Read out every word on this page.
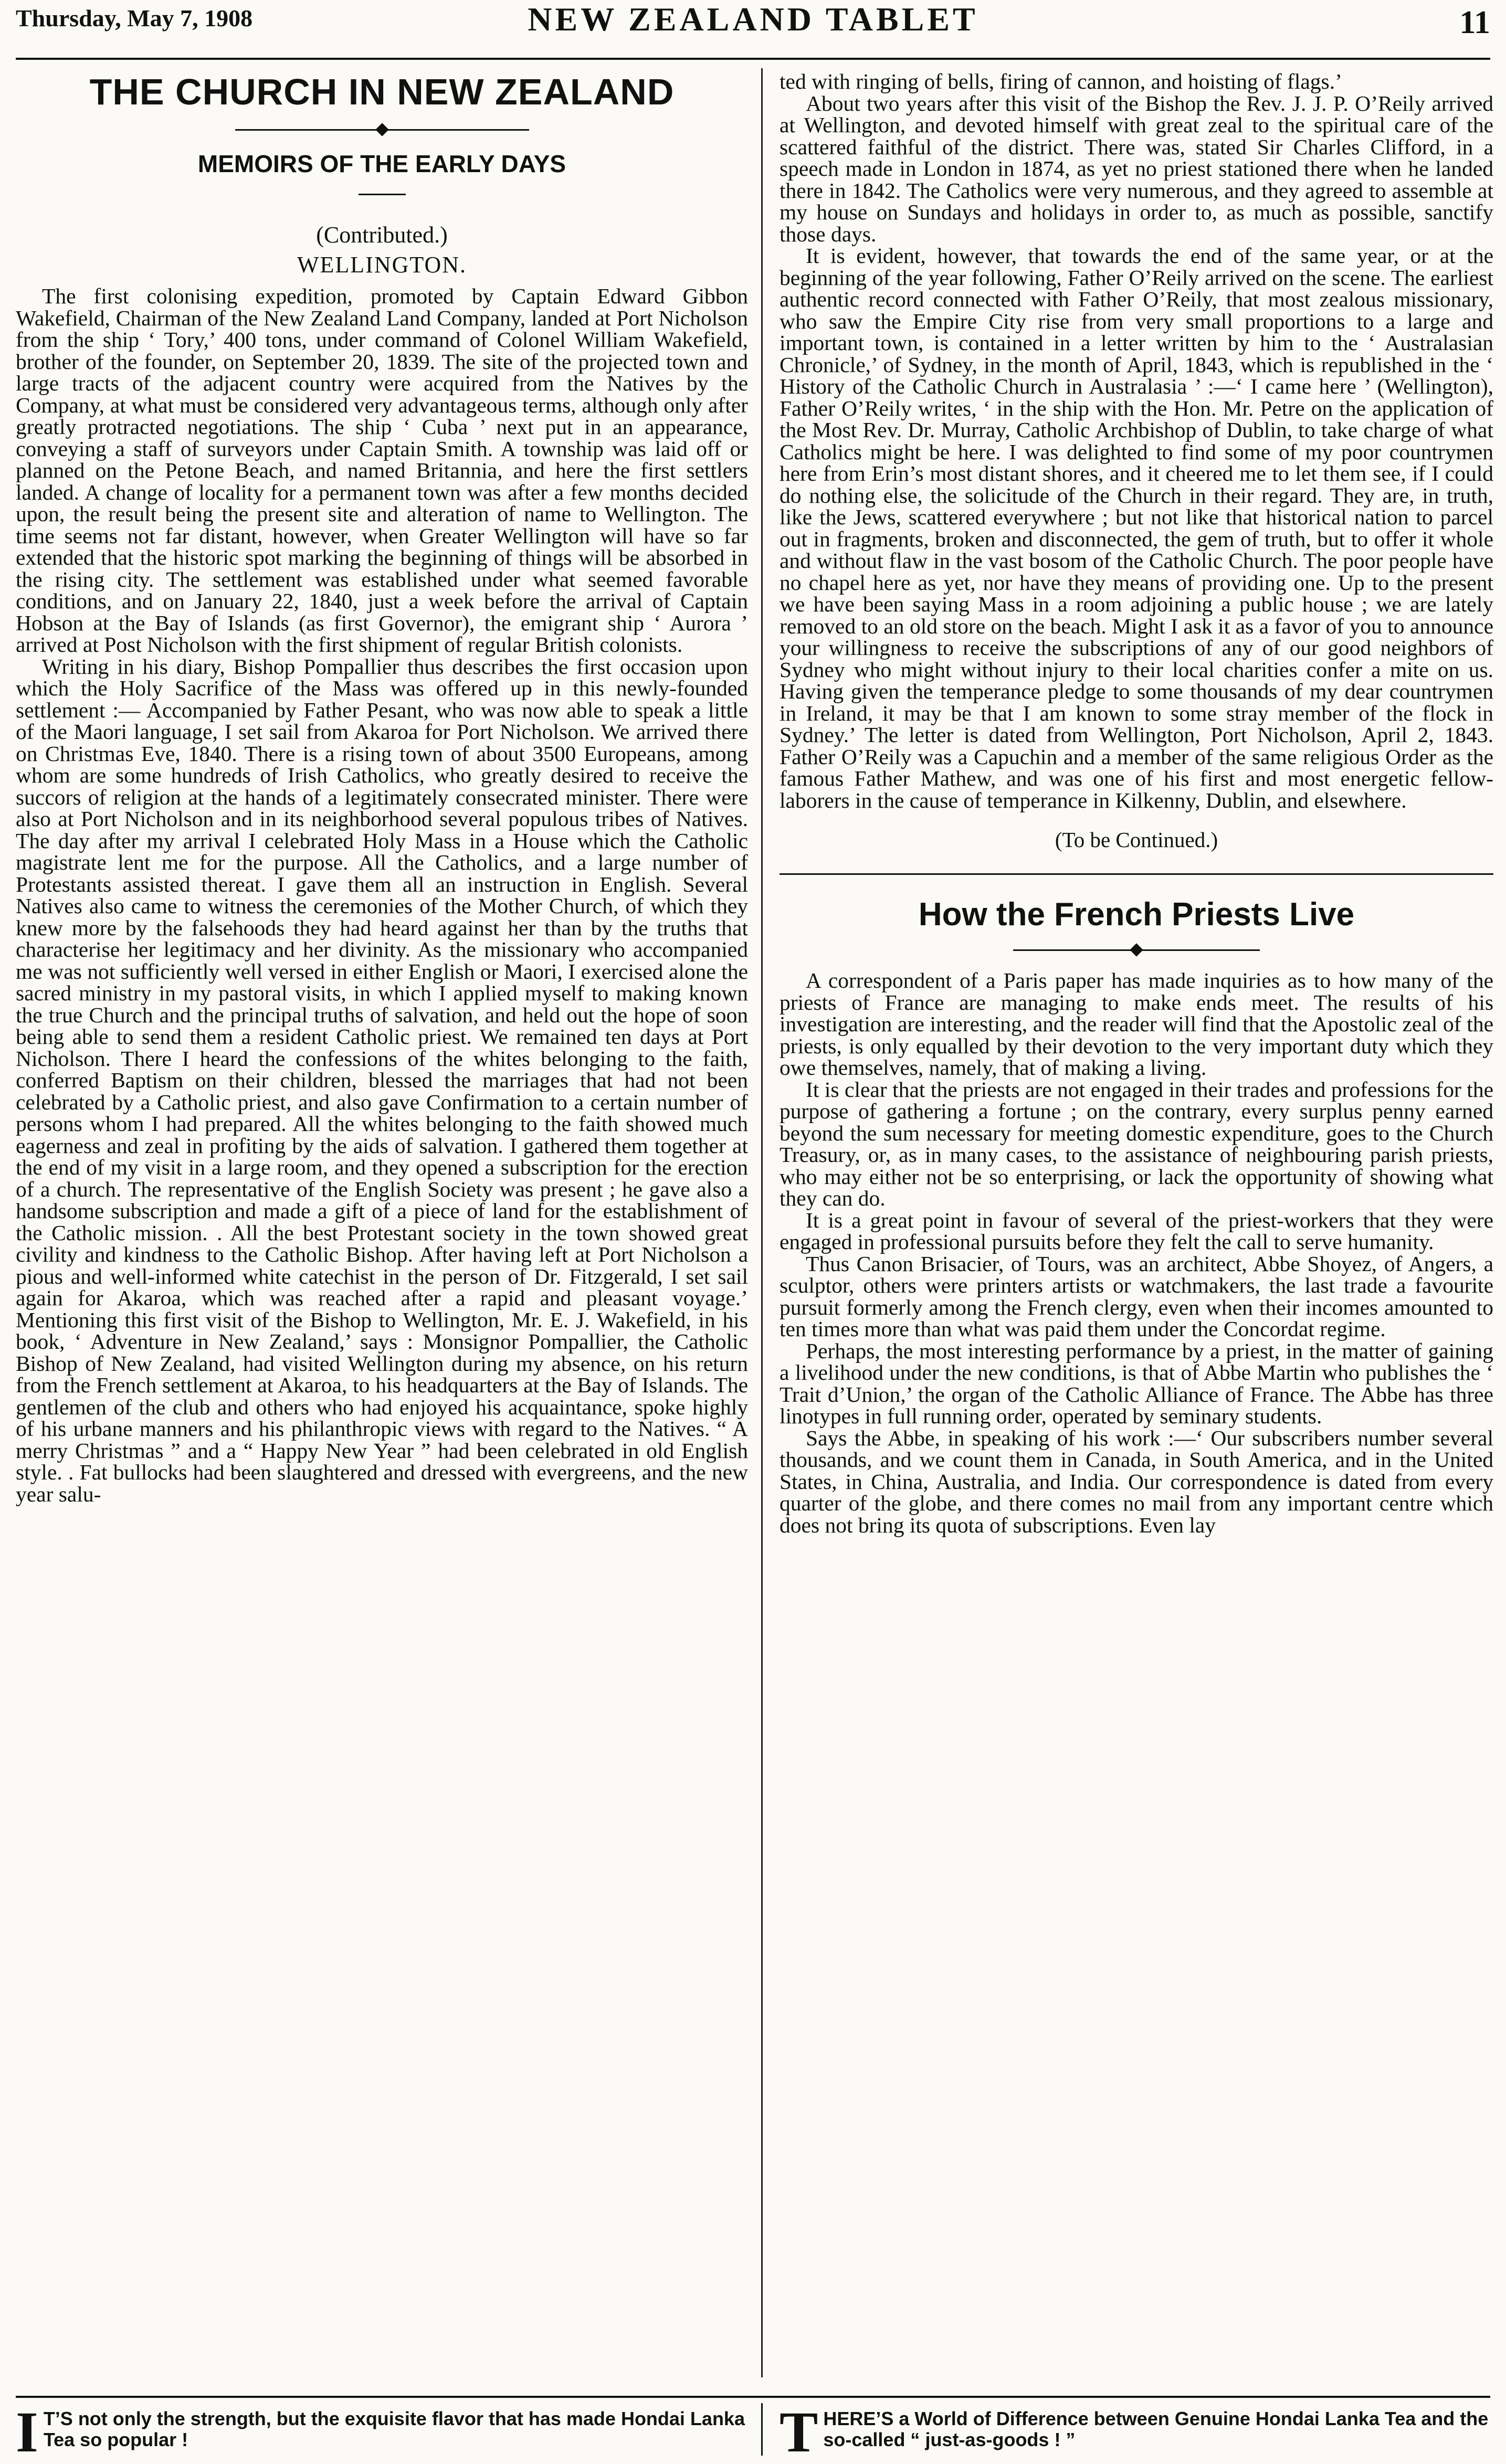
Thursday, May 7, 1908	NEW ZEALAND TABLET	11
THE CHURCH IN NEW ZEALAND
MEMOIRS OF THE EARLY DAYS

(Contributed.)

WELLINGTON.

The first colonising expedition, promoted by Captain Edward Gibbon Wakefield, Chairman of the New Zealand Land Company, landed at Port Nicholson from the ship ‘ Tory,’ 400 tons, under command of Colonel William Wakefield, brother of the founder, on September 20, 1839. The site of the projected town and large tracts of the adjacent country were acquired from the Natives by the Company, at what must be considered very advantageous terms, although only after greatly protracted negotiations. The ship ‘ Cuba ’ next put in an appearance, conveying a staff of surveyors under Captain Smith. A township was laid off or planned on the Petone Beach, and named Britannia, and here the first settlers landed. A change of locality for a permanent town was after a few months decided upon, the result being the present site and alteration of name to Wellington. The time seems not far distant, however, when Greater Wellington will have so far extended that the historic spot marking the beginning of things will be absorbed in the rising city. The settlement was established under what seemed favorable conditions, and on January 22, 1840, just a week before the arrival of Captain Hobson at the Bay of Islands (as first Governor), the emigrant ship ‘ Aurora ’ arrived at Post Nicholson with the first shipment of regular British colonists.

Writing in his diary, Bishop Pompallier thus describes the first occasion upon which the Holy Sacrifice of the Mass was offered up in this newly-founded settlement :— Accompanied by Father Pesant, who was now able to speak a little of the Maori language, I set sail from Akaroa for Port Nicholson. We arrived there on Christmas Eve, 1840. There is a rising town of about 3500 Europeans, among whom are some hundreds of Irish Catholics, who greatly desired to receive the succors of religion at the hands of a legitimately consecrated minister. There were also at Port Nicholson and in its neighborhood several populous tribes of Natives. The day after my arrival I celebrated Holy Mass in a House which the Catholic magistrate lent me for the purpose. All the Catholics, and a large number of Protestants assisted thereat. I gave them all an instruction in English. Several Natives also came to witness the ceremonies of the Mother Church, of which they knew more by the falsehoods they had heard against her than by the truths that characterise her legitimacy and her divinity. As the missionary who accompanied me was not sufficiently well versed in either English or Maori, I exercised alone the sacred ministry in my pastoral visits, in which I applied myself to making known the true Church and the principal truths of salvation, and held out the hope of soon being able to send them a resident Catholic priest. We remained ten days at Port Nicholson. There I heard the confessions of the whites belonging to the faith, conferred Baptism on their children, blessed the marriages that had not been celebrated by a Catholic priest, and also gave Confirmation to a certain number of persons whom I had prepared. All the whites belonging to the faith showed much eagerness and zeal in profiting by the aids of salvation. I gathered them together at the end of my visit in a large room, and they opened a subscription for the erection of a church. The representative of the English Society was present ; he gave also a handsome subscription and made a gift of a piece of land for the establishment of the Catholic mission. . All the best Protestant society in the town showed great civility and kindness to the Catholic Bishop. After having left at Port Nicholson a pious and well-informed white catechist in the person of Dr. Fitzgerald, I set sail again for Akaroa, which was reached after a rapid and pleasant voyage.’ Mentioning this first visit of the Bishop to Wellington, Mr. E. J. Wakefield, in his book, ‘ Adventure in New Zealand,’ says : Monsignor Pompallier, the Catholic Bishop of New Zealand, had visited Wellington during my absence, on his return from the French settlement at Akaroa, to his headquarters at the Bay of Islands. The gentlemen of the club and others who had enjoyed his acquaintance, spoke highly of his urbane manners and his philanthropic views with regard to the Natives. “ A merry Christmas ” and a “ Happy New Year ” had been celebrated in old English style. . Fat bullocks had been slaughtered and dressed with evergreens, and the new year salu-

ted with ringing of bells, firing of cannon, and hoisting of flags.’

About two years after this visit of the Bishop the Rev. J. J. P. O’Reily arrived at Wellington, and devoted himself with great zeal to the spiritual care of the scattered faithful of the district. There was, stated Sir Charles Clifford, in a speech made in London in 1874, as yet no priest stationed there when he landed there in 1842. The Catholics were very numerous, and they agreed to assemble at my house on Sundays and holidays in order to, as much as possible, sanctify those days.

It is evident, however, that towards the end of the same year, or at the beginning of the year following, Father O’Reily arrived on the scene. The earliest authentic record connected with Father O’Reily, that most zealous missionary, who saw the Empire City rise from very small proportions to a large and important town, is contained in a letter written by him to the ‘ Australasian Chronicle,’ of Sydney, in the month of April, 1843, which is republished in the ‘ History of the Catholic Church in Australasia ’ :—‘ I came here ’ (Wellington), Father O’Reily writes, ‘ in the ship with the Hon. Mr. Petre on the application of the Most Rev. Dr. Murray, Catholic Archbishop of Dublin, to take charge of what Catholics might be here. I was delighted to find some of my poor countrymen here from Erin’s most distant shores, and it cheered me to let them see, if I could do nothing else, the solicitude of the Church in their regard. They are, in truth, like the Jews, scattered everywhere ; but not like that historical nation to parcel out in fragments, broken and disconnected, the gem of truth, but to offer it whole and without flaw in the vast bosom of the Catholic Church. The poor people have no chapel here as yet, nor have they means of providing one. Up to the present we have been saying Mass in a room adjoining a public house ; we are lately removed to an old store on the beach. Might I ask it as a favor of you to announce your willingness to receive the subscriptions of any of our good neighbors of Sydney who might without injury to their local charities confer a mite on us. Having given the temperance pledge to some thousands of my dear countrymen in Ireland, it may be that I am known to some stray member of the flock in Sydney.’ The letter is dated from Wellington, Port Nicholson, April 2, 1843. Father O’Reily was a Capuchin and a member of the same religious Order as the famous Father Mathew, and was one of his first and most energetic fellow-laborers in the cause of temperance in Kilkenny, Dublin, and elsewhere.

(To be Continued.)

How the French Priests Live

A correspondent of a Paris paper has made inquiries as to how many of the priests of France are managing to make ends meet. The results of his investigation are interesting, and the reader will find that the Apostolic zeal of the priests, is only equalled by their devotion to the very important duty which they owe themselves, namely, that of making a living.

It is clear that the priests are not engaged in their trades and professions for the purpose of gathering a fortune ; on the contrary, every surplus penny earned beyond the sum necessary for meeting domestic expenditure, goes to the Church Treasury, or, as in many cases, to the assistance of neighbouring parish priests, who may either not be so enterprising, or lack the opportunity of showing what they can do.

It is a great point in favour of several of the priest-workers that they were engaged in professional pursuits before they felt the call to serve humanity.

Thus Canon Brisacier, of Tours, was an architect, Abbe Shoyez, of Angers, a sculptor, others were printers artists or watchmakers, the last trade a favourite pursuit formerly among the French clergy, even when their incomes amounted to ten times more than what was paid them under the Concordat regime.

Perhaps, the most interesting performance by a priest, in the matter of gaining a livelihood under the new conditions, is that of Abbe Martin who publishes the ‘ Trait d’Union,’ the organ of the Catholic Alliance of France. The Abbe has three linotypes in full running order, operated by seminary students.

Says the Abbe, in speaking of his work :—‘ Our subscribers number several thousands, and we count them in Canada, in South America, and in the United States, in China, Australia, and India. Our correspondence is dated from every quarter of the globe, and there comes no mail from any important centre which does not bring its quota of subscriptions. Even lay

I T’S not only the strength, but the exquisite flavor that has made Hondai Lanka Tea so popular !	T HERE’S a World of Difference between Genuine Hondai Lanka Tea and the so-called “ just-as-goods ! ”
